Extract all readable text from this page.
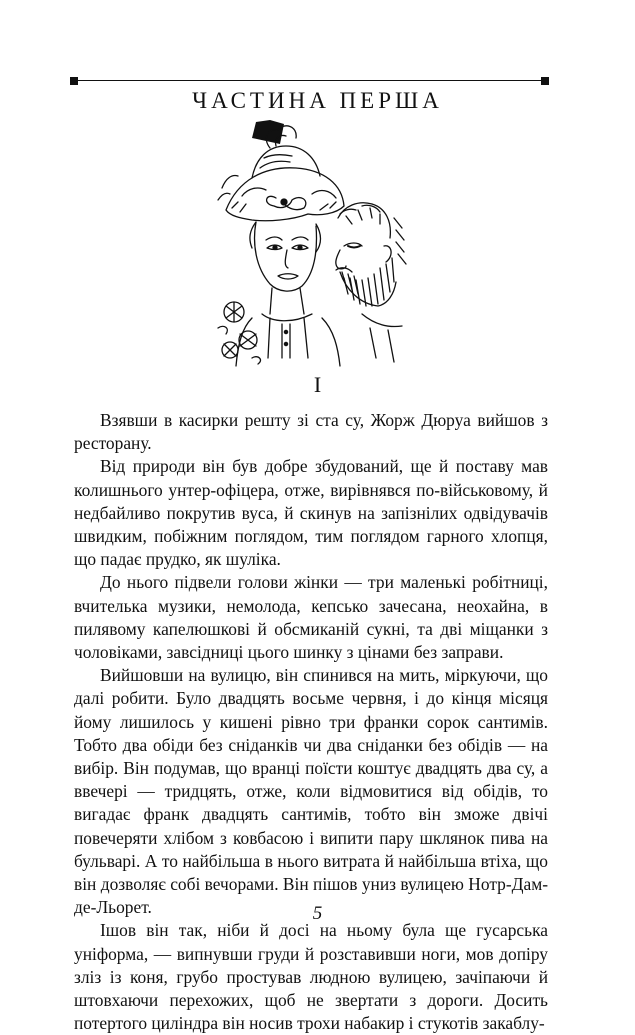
ЧАСТИНА ПЕРША
I

Взявши в касирки решту зі ста су, Жорж Дюруа вийшов з ресторану.

Від природи він був добре збудований, ще й поставу мав колишнього унтер-офіцера, отже, вирівнявся по-військовому, й недбайливо покрутив вуса, й скинув на запізнілих одвідувачів швидким, побіжним поглядом, тим поглядом гарного хлопця, що падає прудко, як шуліка.

До нього підвели голови жінки — три маленькі робітниці, вчителька музики, немолода, кепсько зачесана, неохайна, в пилявому капелюшкові й обсмиканій сукні, та дві міщанки з чоловіками, завсідниці цього шинку з цінами без заправи.

Вийшовши на вулицю, він спинився на мить, міркуючи, що далі робити. Було двадцять восьме червня, і до кінця місяця йому лишилось у кишені рівно три франки сорок сантимів. Тобто два обіди без сніданків чи два сніданки без обідів — на вибір. Він подумав, що вранці поїсти коштує двадцять два су, а ввечері — тридцять, отже, коли відмовитися від обідів, то вигадає франк двадцять сантимів, тобто він зможе двічі повечеряти хлібом з ковбасою і випити пару шклянок пива на бульварі. А то найбільша в нього витрата й найбільша втіха, що він дозволяє собі вечорами. Він пішов униз вулицею Нотр-Дам-де-Льорет.

Ішов він так, ніби й досі на ньому була ще гусарська уніформа, — випнувши груди й розставивши ноги, мов допіру зліз із коня, грубо простував людною вулицею, зачіпаючи й штовхаючи перехожих, щоб не звертати з дороги. Досить потертого циліндра він носив трохи набакир і стукотів закаблу-

5
